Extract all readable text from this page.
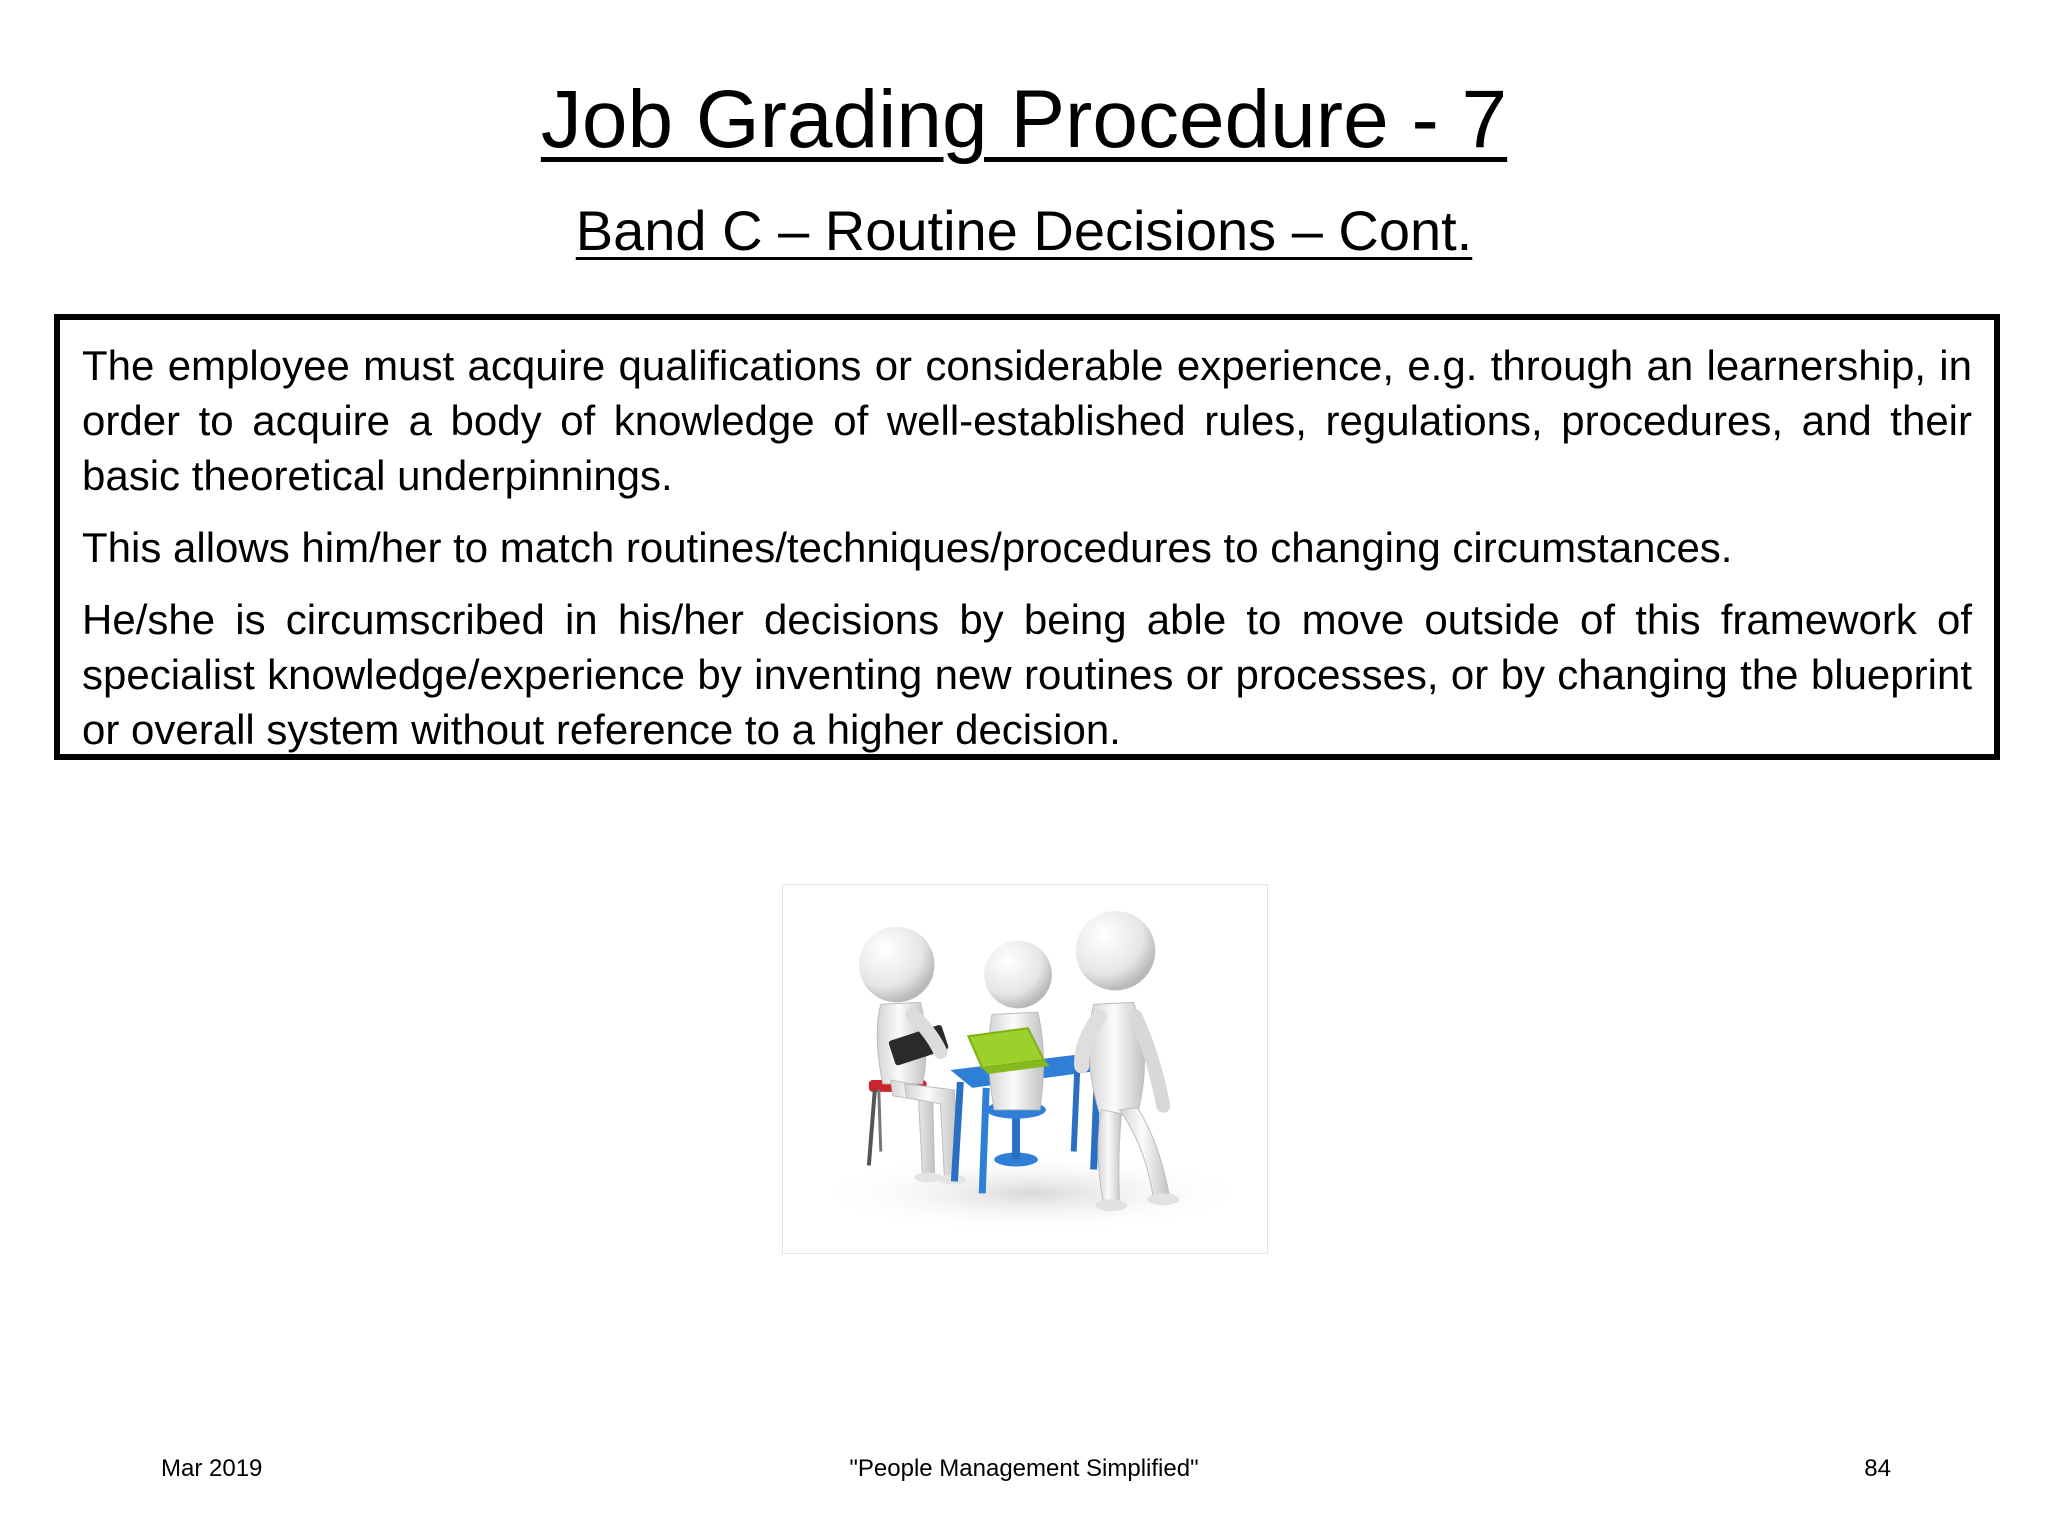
Job Grading Procedure - 7
Band C – Routine Decisions – Cont.

The employee must acquire qualifications or considerable experience, e.g. through an learnership, in order to acquire a body of knowledge of well-established rules, regulations, procedures, and their basic theoretical underpinnings.

This allows him/her to match routines/techniques/procedures to changing circumstances.

He/she is circumscribed in his/her decisions by being able to move outside of this framework of specialist knowledge/experience by inventing new routines or processes, or by changing the blueprint or overall system without reference to a higher decision.

Mar 2019	"People Management Simplified"	84
